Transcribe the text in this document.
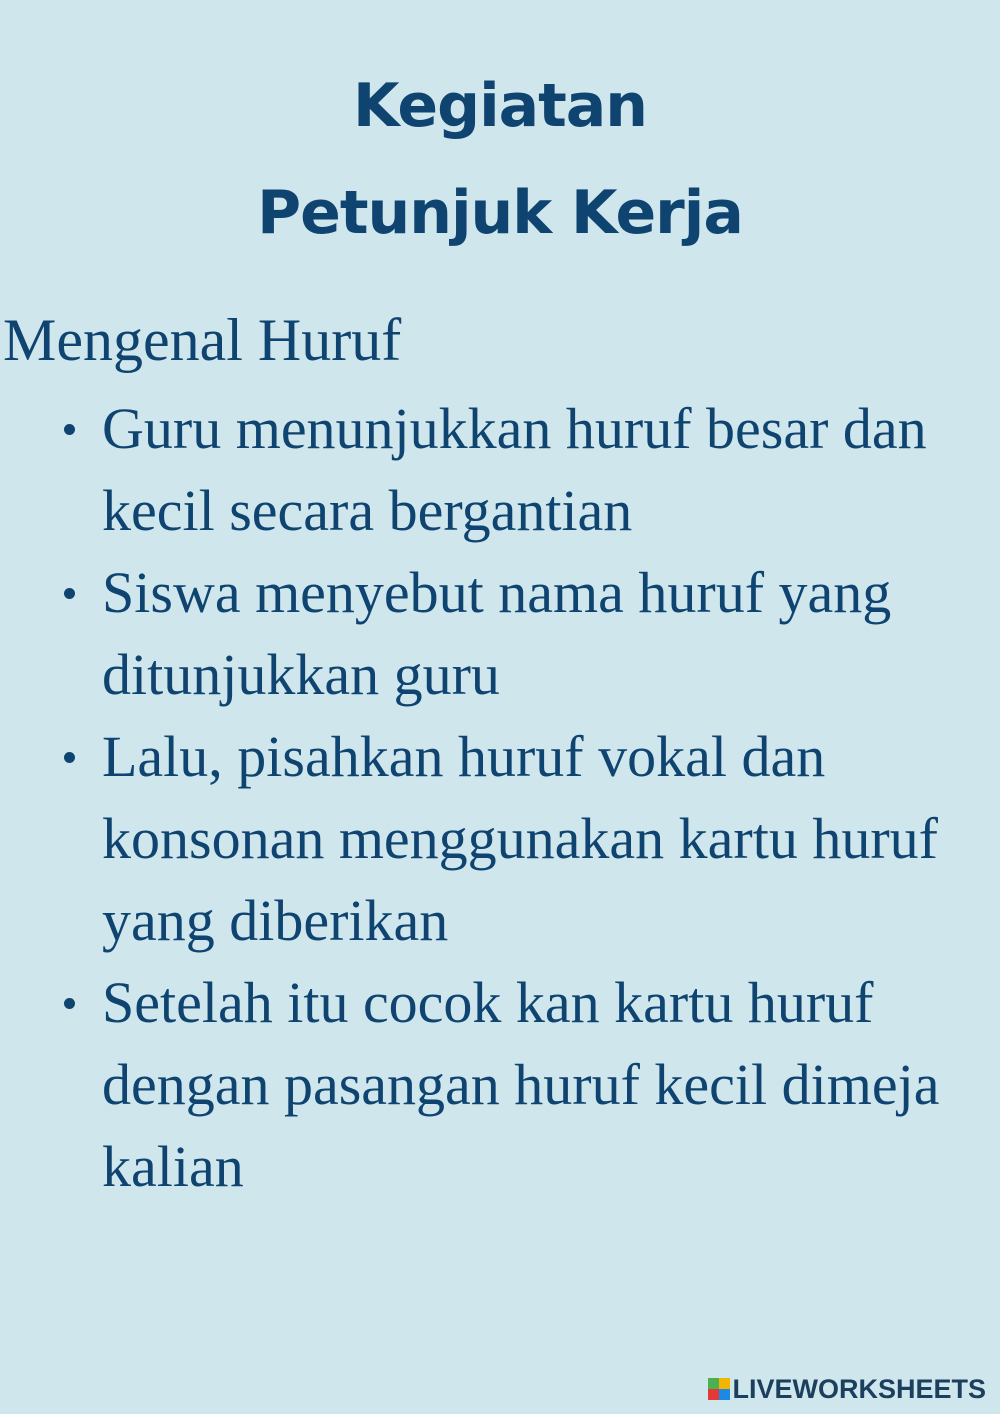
Kegiatan
Petunjuk Kerja
Mengenal Huruf
Guru menunjukkan huruf besar dan kecil secara bergantian
Siswa menyebut nama huruf yang ditunjukkan guru
Lalu, pisahkan huruf vokal dan konsonan menggunakan kartu huruf yang diberikan
Setelah itu cocok kan kartu huruf dengan pasangan huruf kecil dimeja kalian
LIVEWORKSHEETS
